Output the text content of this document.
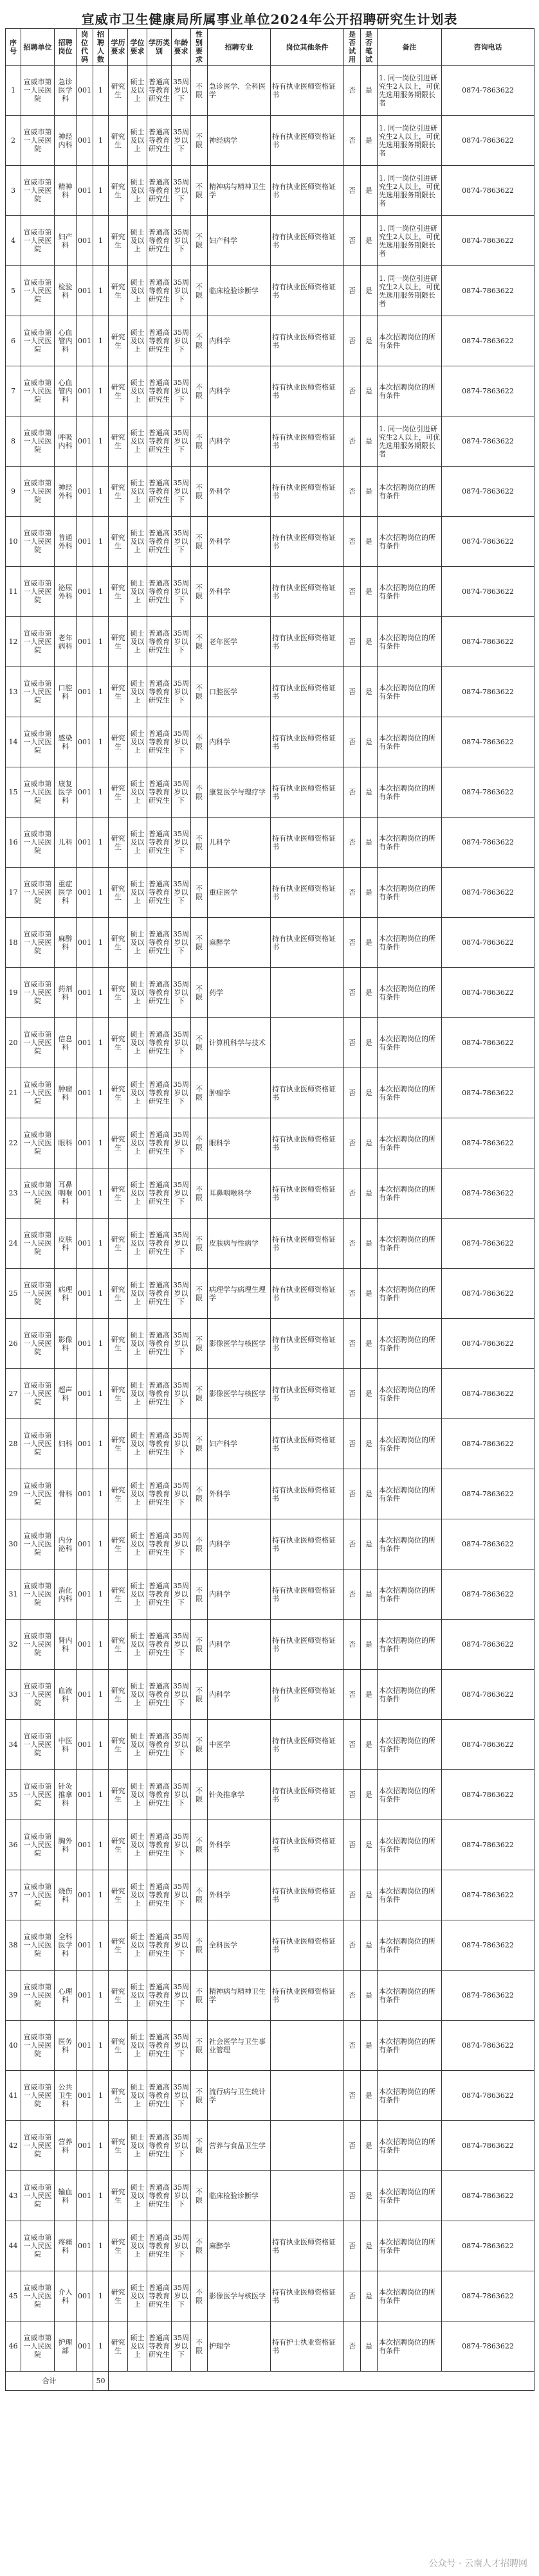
宣威市卫生健康局所属事业单位2024年公开招聘研究生计划表
序号	招聘单位	招聘岗位	岗位代码	招聘人数	学历要求	学位要求	学历类别	年龄要求	性别要求	招聘专业	岗位其他条件	是否试用	是否笔试	备注	咨询电话
1	宣威市第一人民医院	急诊医学科	001	1	研究生	硕士及以上	普通高等教育研究生	35周岁以下	不限	急诊医学、全科医学	持有执业医师资格证书	否	是	1. 同一岗位引进研究生2人以上，可优先选用服务期限长者	0874-7863622
2	宣威市第一人民医院	神经内科	001	1	研究生	硕士及以上	普通高等教育研究生	35周岁以下	不限	神经病学	持有执业医师资格证书	否	是	1. 同一岗位引进研究生2人以上，可优先选用服务期限长者	0874-7863622
3	宣威市第一人民医院	精神科	001	1	研究生	硕士及以上	普通高等教育研究生	35周岁以下	不限	精神病与精神卫生学	持有执业医师资格证书	否	是	1. 同一岗位引进研究生2人以上，可优先选用服务期限长者	0874-7863622
4	宣威市第一人民医院	妇产科	001	1	研究生	硕士及以上	普通高等教育研究生	35周岁以下	不限	妇产科学	持有执业医师资格证书	否	是	1. 同一岗位引进研究生2人以上，可优先选用服务期限长者	0874-7863622
5	宣威市第一人民医院	检验科	001	1	研究生	硕士及以上	普通高等教育研究生	35周岁以下	不限	临床检验诊断学	持有执业医师资格证书	否	是	1. 同一岗位引进研究生2人以上，可优先选用服务期限长者	0874-7863622
6	宣威市第一人民医院	心血管内科	001	1	研究生	硕士及以上	普通高等教育研究生	35周岁以下	不限	内科学	持有执业医师资格证书	否	是	本次招聘岗位的所有条件	0874-7863622
7	宣威市第一人民医院	心血管内科	001	1	研究生	硕士及以上	普通高等教育研究生	35周岁以下	不限	内科学	持有执业医师资格证书	否	是	本次招聘岗位的所有条件	0874-7863622
8	宣威市第一人民医院	呼吸内科	001	1	研究生	硕士及以上	普通高等教育研究生	35周岁以下	不限	内科学	持有执业医师资格证书	否	是	1. 同一岗位引进研究生2人以上，可优先选用服务期限长者	0874-7863622
9	宣威市第一人民医院	神经外科	001	1	研究生	硕士及以上	普通高等教育研究生	35周岁以下	不限	外科学	持有执业医师资格证书	否	是	本次招聘岗位的所有条件	0874-7863622
10	宣威市第一人民医院	普通外科	001	1	研究生	硕士及以上	普通高等教育研究生	35周岁以下	不限	外科学	持有执业医师资格证书	否	是	本次招聘岗位的所有条件	0874-7863622
11	宣威市第一人民医院	泌尿外科	001	1	研究生	硕士及以上	普通高等教育研究生	35周岁以下	不限	外科学	持有执业医师资格证书	否	是	本次招聘岗位的所有条件	0874-7863622
12	宣威市第一人民医院	老年病科	001	1	研究生	硕士及以上	普通高等教育研究生	35周岁以下	不限	老年医学	持有执业医师资格证书	否	是	本次招聘岗位的所有条件	0874-7863622
13	宣威市第一人民医院	口腔科	001	1	研究生	硕士及以上	普通高等教育研究生	35周岁以下	不限	口腔医学	持有执业医师资格证书	否	是	本次招聘岗位的所有条件	0874-7863622
14	宣威市第一人民医院	感染科	001	1	研究生	硕士及以上	普通高等教育研究生	35周岁以下	不限	内科学	持有执业医师资格证书	否	是	本次招聘岗位的所有条件	0874-7863622
15	宣威市第一人民医院	康复医学科	001	1	研究生	硕士及以上	普通高等教育研究生	35周岁以下	不限	康复医学与理疗学	持有执业医师资格证书	否	是	本次招聘岗位的所有条件	0874-7863622
16	宣威市第一人民医院	儿科	001	1	研究生	硕士及以上	普通高等教育研究生	35周岁以下	不限	儿科学	持有执业医师资格证书	否	是	本次招聘岗位的所有条件	0874-7863622
17	宣威市第一人民医院	重症医学科	001	1	研究生	硕士及以上	普通高等教育研究生	35周岁以下	不限	重症医学	持有执业医师资格证书	否	是	本次招聘岗位的所有条件	0874-7863622
18	宣威市第一人民医院	麻醉科	001	1	研究生	硕士及以上	普通高等教育研究生	35周岁以下	不限	麻醉学	持有执业医师资格证书	否	是	本次招聘岗位的所有条件	0874-7863622
19	宣威市第一人民医院	药剂科	001	1	研究生	硕士及以上	普通高等教育研究生	35周岁以下	不限	药学		否	是	本次招聘岗位的所有条件	0874-7863622
20	宣威市第一人民医院	信息科	001	1	研究生	硕士及以上	普通高等教育研究生	35周岁以下	不限	计算机科学与技术		否	是	本次招聘岗位的所有条件	0874-7863622
21	宣威市第一人民医院	肿瘤科	001	1	研究生	硕士及以上	普通高等教育研究生	35周岁以下	不限	肿瘤学	持有执业医师资格证书	否	是	本次招聘岗位的所有条件	0874-7863622
22	宣威市第一人民医院	眼科	001	1	研究生	硕士及以上	普通高等教育研究生	35周岁以下	不限	眼科学	持有执业医师资格证书	否	是	本次招聘岗位的所有条件	0874-7863622
23	宣威市第一人民医院	耳鼻咽喉科	001	1	研究生	硕士及以上	普通高等教育研究生	35周岁以下	不限	耳鼻咽喉科学	持有执业医师资格证书	否	是	本次招聘岗位的所有条件	0874-7863622
24	宣威市第一人民医院	皮肤科	001	1	研究生	硕士及以上	普通高等教育研究生	35周岁以下	不限	皮肤病与性病学	持有执业医师资格证书	否	是	本次招聘岗位的所有条件	0874-7863622
25	宣威市第一人民医院	病理科	001	1	研究生	硕士及以上	普通高等教育研究生	35周岁以下	不限	病理学与病理生理学	持有执业医师资格证书	否	是	本次招聘岗位的所有条件	0874-7863622
26	宣威市第一人民医院	影像科	001	1	研究生	硕士及以上	普通高等教育研究生	35周岁以下	不限	影像医学与核医学	持有执业医师资格证书	否	是	本次招聘岗位的所有条件	0874-7863622
27	宣威市第一人民医院	超声科	001	1	研究生	硕士及以上	普通高等教育研究生	35周岁以下	不限	影像医学与核医学	持有执业医师资格证书	否	是	本次招聘岗位的所有条件	0874-7863622
28	宣威市第一人民医院	妇科	001	1	研究生	硕士及以上	普通高等教育研究生	35周岁以下	不限	妇产科学	持有执业医师资格证书	否	是	本次招聘岗位的所有条件	0874-7863622
29	宣威市第一人民医院	骨科	001	1	研究生	硕士及以上	普通高等教育研究生	35周岁以下	不限	外科学	持有执业医师资格证书	否	是	本次招聘岗位的所有条件	0874-7863622
30	宣威市第一人民医院	内分泌科	001	1	研究生	硕士及以上	普通高等教育研究生	35周岁以下	不限	内科学	持有执业医师资格证书	否	是	本次招聘岗位的所有条件	0874-7863622
31	宣威市第一人民医院	消化内科	001	1	研究生	硕士及以上	普通高等教育研究生	35周岁以下	不限	内科学	持有执业医师资格证书	否	是	本次招聘岗位的所有条件	0874-7863622
32	宣威市第一人民医院	肾内科	001	1	研究生	硕士及以上	普通高等教育研究生	35周岁以下	不限	内科学	持有执业医师资格证书	否	是	本次招聘岗位的所有条件	0874-7863622
33	宣威市第一人民医院	血液科	001	1	研究生	硕士及以上	普通高等教育研究生	35周岁以下	不限	内科学	持有执业医师资格证书	否	是	本次招聘岗位的所有条件	0874-7863622
34	宣威市第一人民医院	中医科	001	1	研究生	硕士及以上	普通高等教育研究生	35周岁以下	不限	中医学	持有执业医师资格证书	否	是	本次招聘岗位的所有条件	0874-7863622
35	宣威市第一人民医院	针灸推拿科	001	1	研究生	硕士及以上	普通高等教育研究生	35周岁以下	不限	针灸推拿学	持有执业医师资格证书	否	是	本次招聘岗位的所有条件	0874-7863622
36	宣威市第一人民医院	胸外科	001	1	研究生	硕士及以上	普通高等教育研究生	35周岁以下	不限	外科学	持有执业医师资格证书	否	是	本次招聘岗位的所有条件	0874-7863622
37	宣威市第一人民医院	烧伤科	001	1	研究生	硕士及以上	普通高等教育研究生	35周岁以下	不限	外科学	持有执业医师资格证书	否	是	本次招聘岗位的所有条件	0874-7863622
38	宣威市第一人民医院	全科医学科	001	1	研究生	硕士及以上	普通高等教育研究生	35周岁以下	不限	全科医学	持有执业医师资格证书	否	是	本次招聘岗位的所有条件	0874-7863622
39	宣威市第一人民医院	心理科	001	1	研究生	硕士及以上	普通高等教育研究生	35周岁以下	不限	精神病与精神卫生学	持有执业医师资格证书	否	是	本次招聘岗位的所有条件	0874-7863622
40	宣威市第一人民医院	医务科	001	1	研究生	硕士及以上	普通高等教育研究生	35周岁以下	不限	社会医学与卫生事业管理		否	是	本次招聘岗位的所有条件	0874-7863622
41	宣威市第一人民医院	公共卫生科	001	1	研究生	硕士及以上	普通高等教育研究生	35周岁以下	不限	流行病与卫生统计学		否	是	本次招聘岗位的所有条件	0874-7863622
42	宣威市第一人民医院	营养科	001	1	研究生	硕士及以上	普通高等教育研究生	35周岁以下	不限	营养与食品卫生学		否	是	本次招聘岗位的所有条件	0874-7863622
43	宣威市第一人民医院	输血科	001	1	研究生	硕士及以上	普通高等教育研究生	35周岁以下	不限	临床检验诊断学		否	是	本次招聘岗位的所有条件	0874-7863622
44	宣威市第一人民医院	疼痛科	001	1	研究生	硕士及以上	普通高等教育研究生	35周岁以下	不限	麻醉学	持有执业医师资格证书	否	是	本次招聘岗位的所有条件	0874-7863622
45	宣威市第一人民医院	介入科	001	1	研究生	硕士及以上	普通高等教育研究生	35周岁以下	不限	影像医学与核医学	持有执业医师资格证书	否	是	本次招聘岗位的所有条件	0874-7863622
46	宣威市第一人民医院	护理部	001	1	研究生	硕士及以上	普通高等教育研究生	35周岁以下	不限	护理学	持有护士执业资格证书	否	是	本次招聘岗位的所有条件	0874-7863622
合计				50											
公众号 · 云南人才招聘网
